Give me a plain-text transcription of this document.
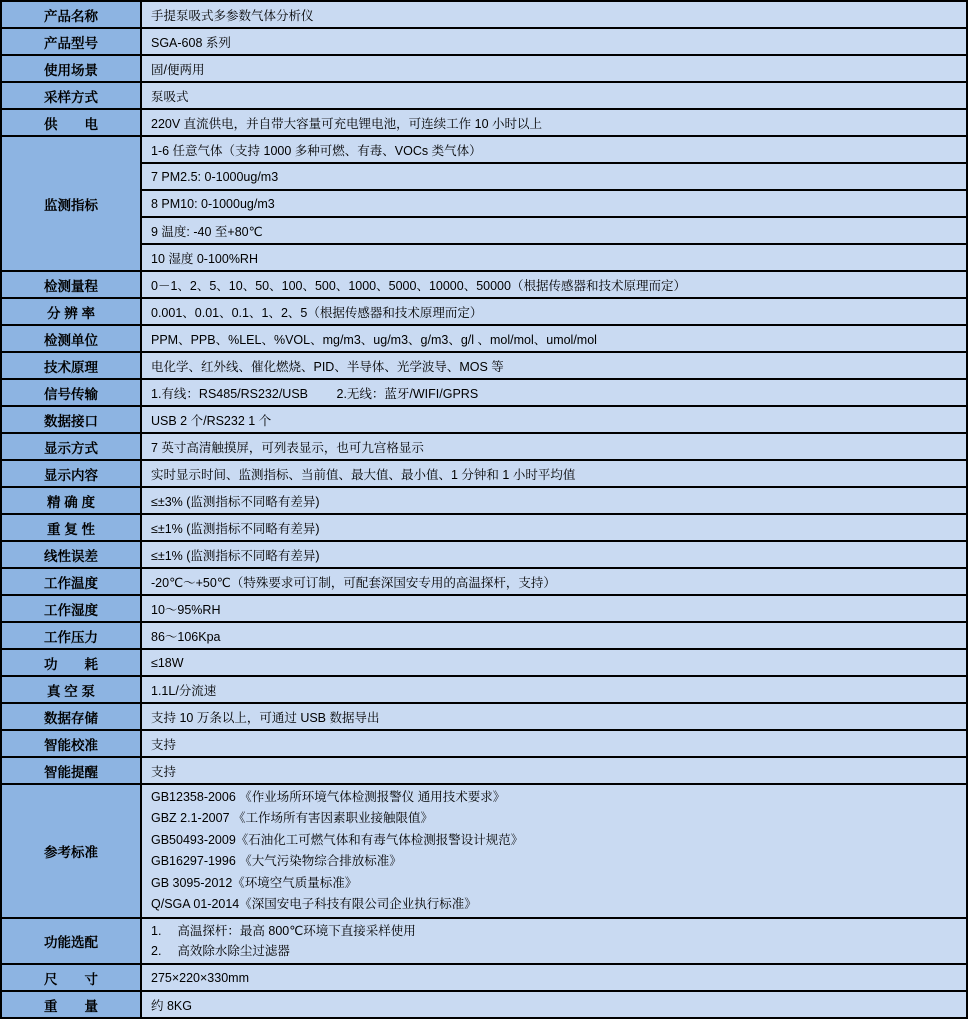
产品名称	手提泵吸式多参数气体分析仪
产品型号	SGA-608 系列
使用场景	固/便两用
采样方式	泵吸式
供　　电	220V 直流供电，并自带大容量可充电锂电池，可连续工作 10 小时以上
监测指标	1-6 任意气体（支持 1000 多种可燃、有毒、VOCs 类气体）
	7 PM2.5: 0-1000ug/m3
	8 PM10: 0-1000ug/m3
	9 温度: -40 至+80℃
	10 湿度 0-100%RH
检测量程	0－1、2、5、10、50、100、500、1000、5000、10000、50000（根据传感器和技术原理而定）
分 辨 率	0.001、0.01、0.1、1、2、5（根据传感器和技术原理而定）
检测单位	PPM、PPB、%LEL、%VOL、mg/m3、ug/m3、g/m3、g/l 、mol/mol、umol/mol
技术原理	电化学、红外线、催化燃烧、PID、半导体、光学波导、MOS 等
信号传输	1.有线：RS485/RS232/USB　　 2.无线：蓝牙/WIFI/GPRS
数据接口	USB 2 个/RS232 1 个
显示方式	7 英寸高清触摸屏，可列表显示，也可九宫格显示
显示内容	实时显示时间、监测指标、当前值、最大值、最小值、1 分钟和 1 小时平均值
精 确 度	≤±3% (监测指标不同略有差异)
重 复 性	≤±1% (监测指标不同略有差异)
线性误差	≤±1% (监测指标不同略有差异)
工作温度	-20℃～+50℃（特殊要求可订制，可配套深国安专用的高温探杆，支持）
工作湿度	10～95%RH
工作压力	86～106Kpa
功　　耗	≤18W
真 空 泵	1.1L/分流速
数据存储	支持 10 万条以上，可通过 USB 数据导出
智能校准	支持
智能提醒	支持
参考标准	
GB12358-2006 《作业场所环境气体检测报警仪 通用技术要求》
GBZ 2.1-2007 《工作场所有害因素职业接触限值》
GB50493-2009《石油化工可燃气体和有毒气体检测报警设计规范》
GB16297-1996 《大气污染物综合排放标准》
GB 3095-2012《环境空气质量标准》
Q/SGA 01-2014《深国安电子科技有限公司企业执行标准》

功能选配	1.　 高温探杆：最高 800℃环境下直接采样使用
2.　 高效除水除尘过滤器

尺　　寸	275×220×330mm
重　　量	约 8KG
